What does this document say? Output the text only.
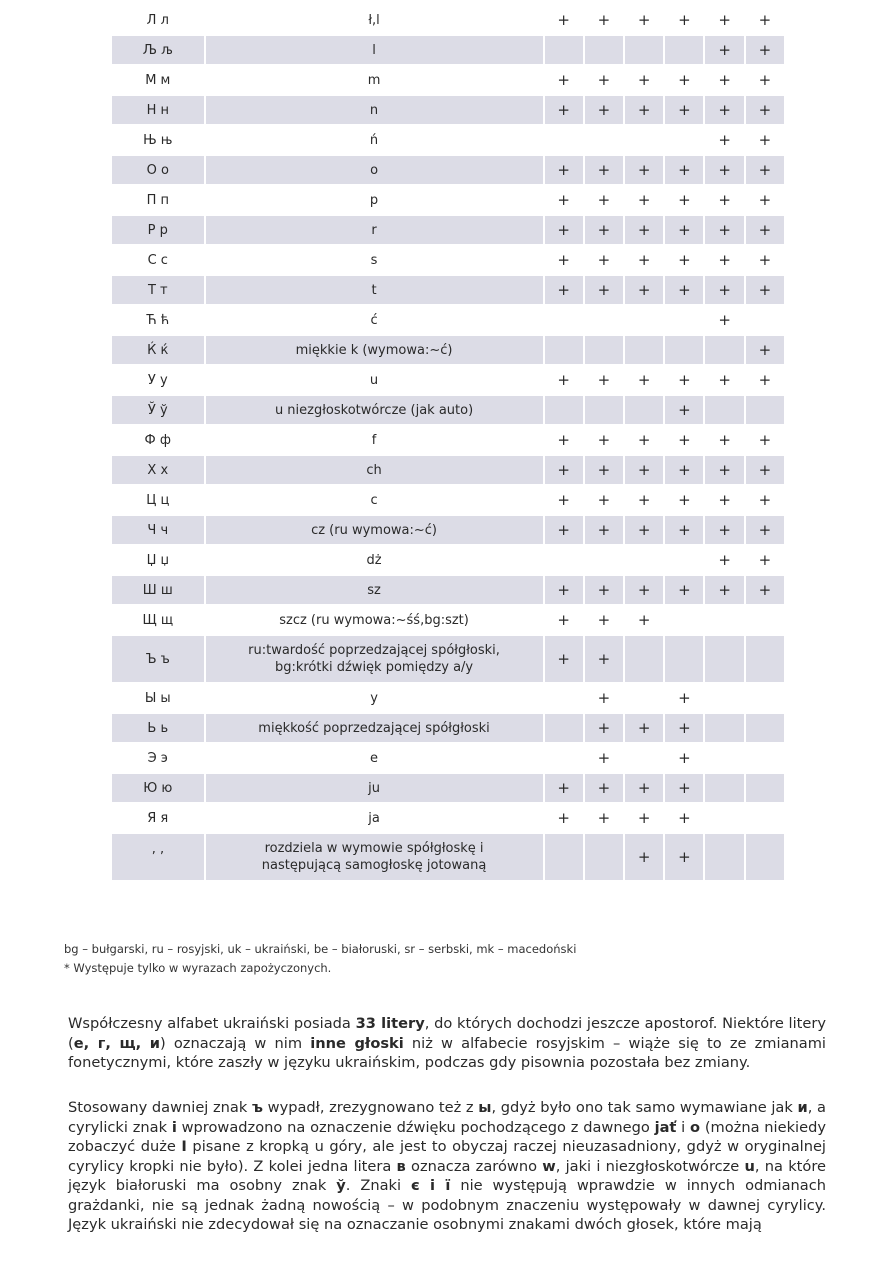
Л л	ł,l	+	+	+	+	+	+
Љ љ	l					+	+
М м	m	+	+	+	+	+	+
Н н	n	+	+	+	+	+	+
Њ њ	ń					+	+
О о	o	+	+	+	+	+	+
П п	p	+	+	+	+	+	+
Р р	r	+	+	+	+	+	+
С с	s	+	+	+	+	+	+
Т т	t	+	+	+	+	+	+
Ћ ћ	ć					+	
Ќ ќ	miękkie k (wymowa:~ć)						+
У у	u	+	+	+	+	+	+
Ў ў	u niezgłoskotwórcze (jak auto)				+		
Ф ф	f	+	+	+	+	+	+
Х х	ch	+	+	+	+	+	+
Ц ц	c	+	+	+	+	+	+
Ч ч	cz (ru wymowa:~ć)	+	+	+	+	+	+
Џ џ	dż					+	+
Ш ш	sz	+	+	+	+	+	+
Щ щ	szcz (ru wymowa:~śś,bg:szt)	+	+	+			
Ъ ъ	ru:twardość poprzedzającej spółgłoski,
bg:krótki dźwięk pomiędzy a/y	+	+				
Ы ы	y		+		+		
Ь ь	miękkość poprzedzającej spółgłoski		+	+	+		
Э э	e		+		+		
Ю ю	ju	+	+	+	+		
Я я	ja	+	+	+	+		
’ ’	rozdziela w wymowie spółgłoskę i
następującą samogłoskę jotowaną			+	+		
bg – bułgarski, ru – rosyjski, uk – ukraiński, be – białoruski, sr – serbski, mk – macedoński
* Występuje tylko w wyrazach zapożyczonych.

Współczesny alfabet ukraiński posiada 33 litery, do których dochodzi jeszcze apostorof. Niektóre litery (е, г, щ, и) oznaczają w nim inne głoski niż w alfabecie rosyjskim – wiąże się to ze zmianami fonetycznymi, które zaszły w języku ukraińskim, podczas gdy pisownia pozostała bez zmiany.

Stosowany dawniej znak ъ wypadł, zrezygnowano też z ы, gdyż było ono tak samo wymawiane jak и, a cyrylicki znak і wprowadzono na oznaczenie dźwięku pochodzącego z dawnego jať i o (można niekiedy zobaczyć duże І pisane z kropką u góry, ale jest to obyczaj raczej nieuzasadniony, gdyż w oryginalnej cyrylicy kropki nie było). Z kolei jedna litera в oznacza zarówno w, jaki i niezgłoskotwórcze u, na które język białoruski ma osobny znak ў. Znaki є і ї nie występują wprawdzie w innych odmianach grażdanki, nie są jednak żadną nowością – w podobnym znaczeniu występowały w dawnej cyrylicy. Język ukraiński nie zdecydował się na oznaczanie osobnymi znakami dwóch głosek, które mają
